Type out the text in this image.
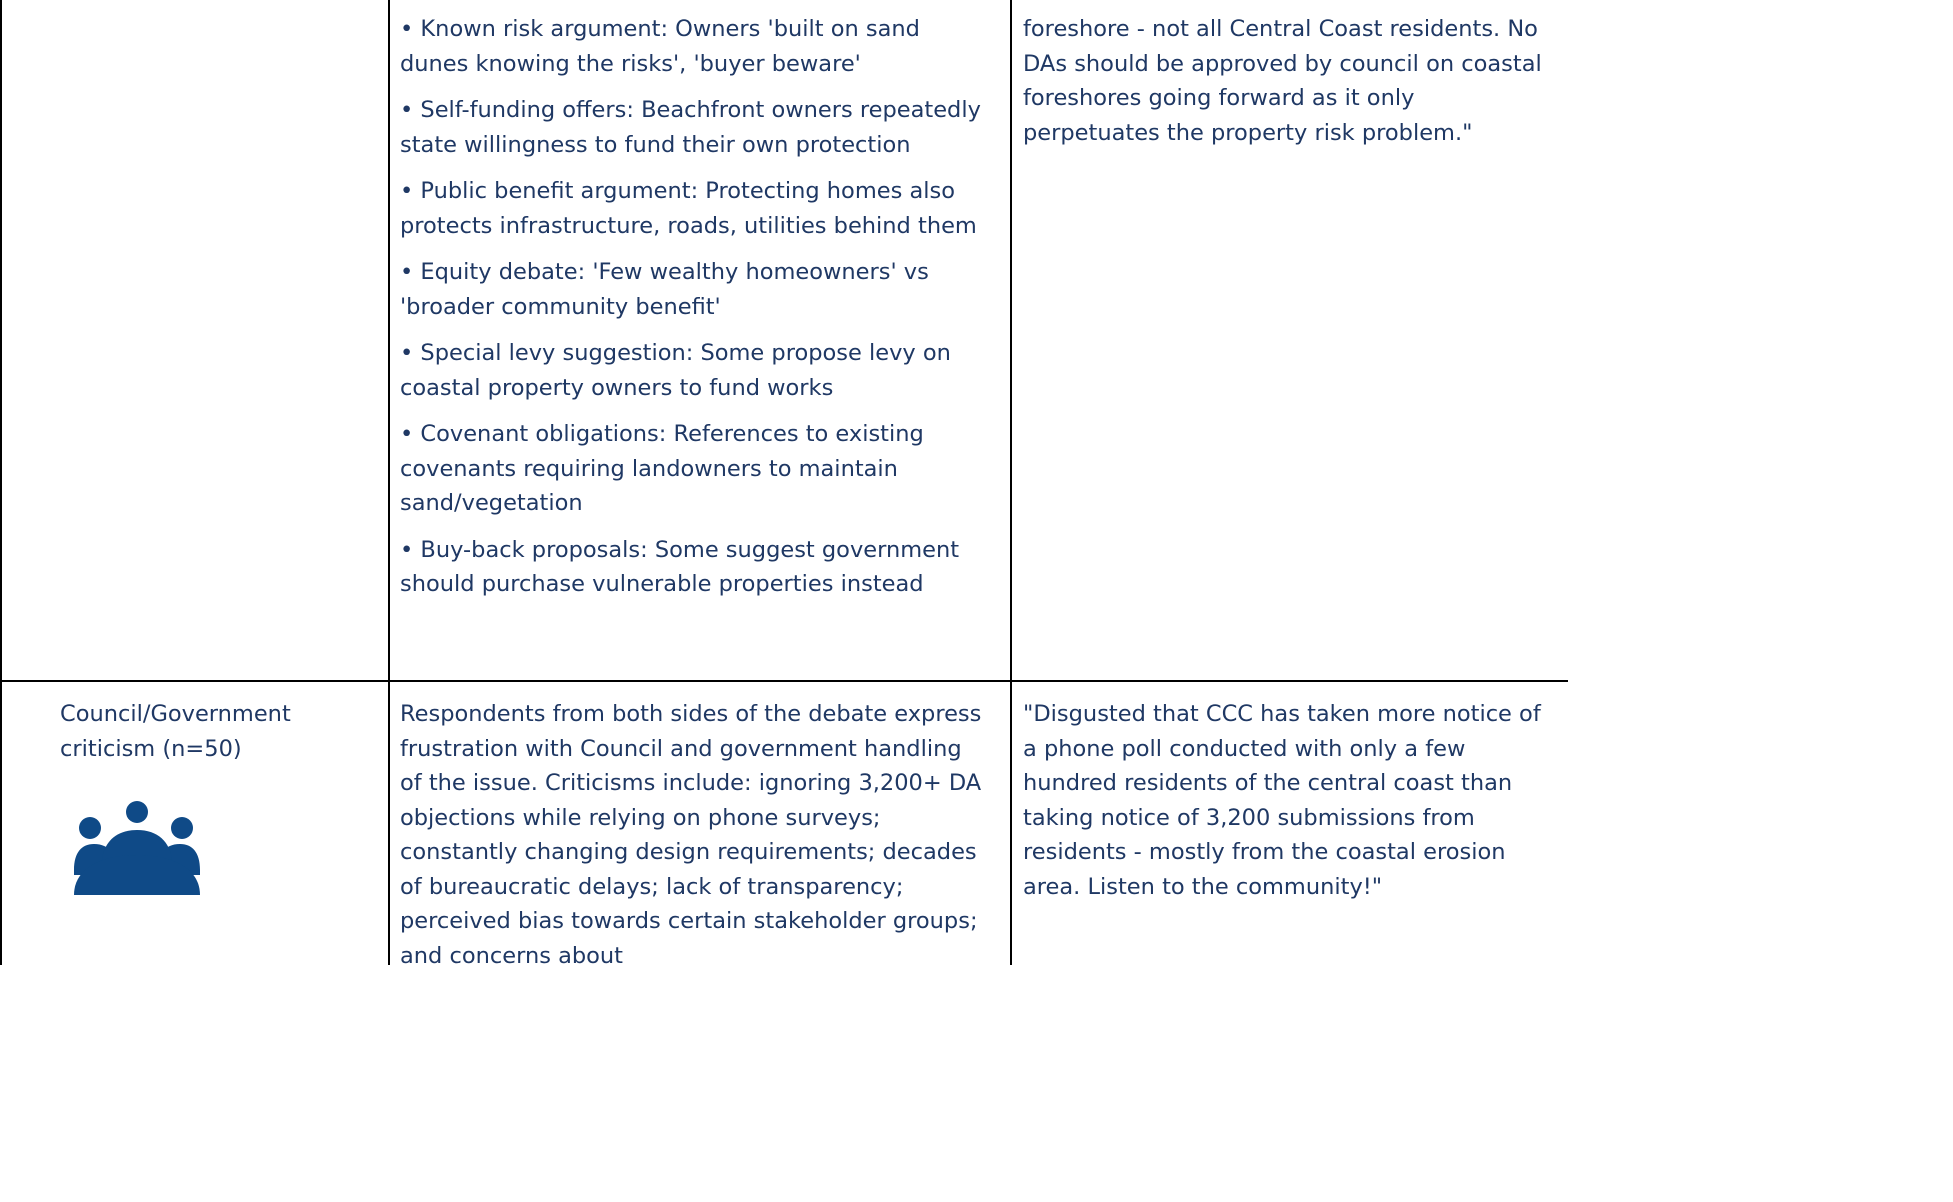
• Known risk argument: Owners 'built on sand dunes knowing the risks', 'buyer beware'

• Self-funding offers: Beachfront owners repeatedly state willingness to fund their own protection

• Public benefit argument: Protecting homes also protects infrastructure, roads, utilities behind them

• Equity debate: 'Few wealthy homeowners' vs 'broader community benefit'

• Special levy suggestion: Some propose levy on coastal property owners to fund works

• Covenant obligations: References to existing covenants requiring landowners to maintain sand/vegetation

• Buy-back proposals: Some suggest government should purchase vulnerable properties instead

foreshore - not all Central Coast residents. No DAs should be approved by council on coastal foreshores going forward as it only perpetuates the property risk problem."

Council/Government criticism (n=50)

Respondents from both sides of the debate express frustration with Council and government handling of the issue. Criticisms include: ignoring 3,200+ DA objections while relying on phone surveys; constantly changing design requirements; decades of bureaucratic delays; lack of transparency; perceived bias towards certain stakeholder groups; and concerns about

"Disgusted that CCC has taken more notice of a phone poll conducted with only a few hundred residents of the central coast than taking notice of 3,200 submissions from residents - mostly from the coastal erosion area. Listen to the community!"
